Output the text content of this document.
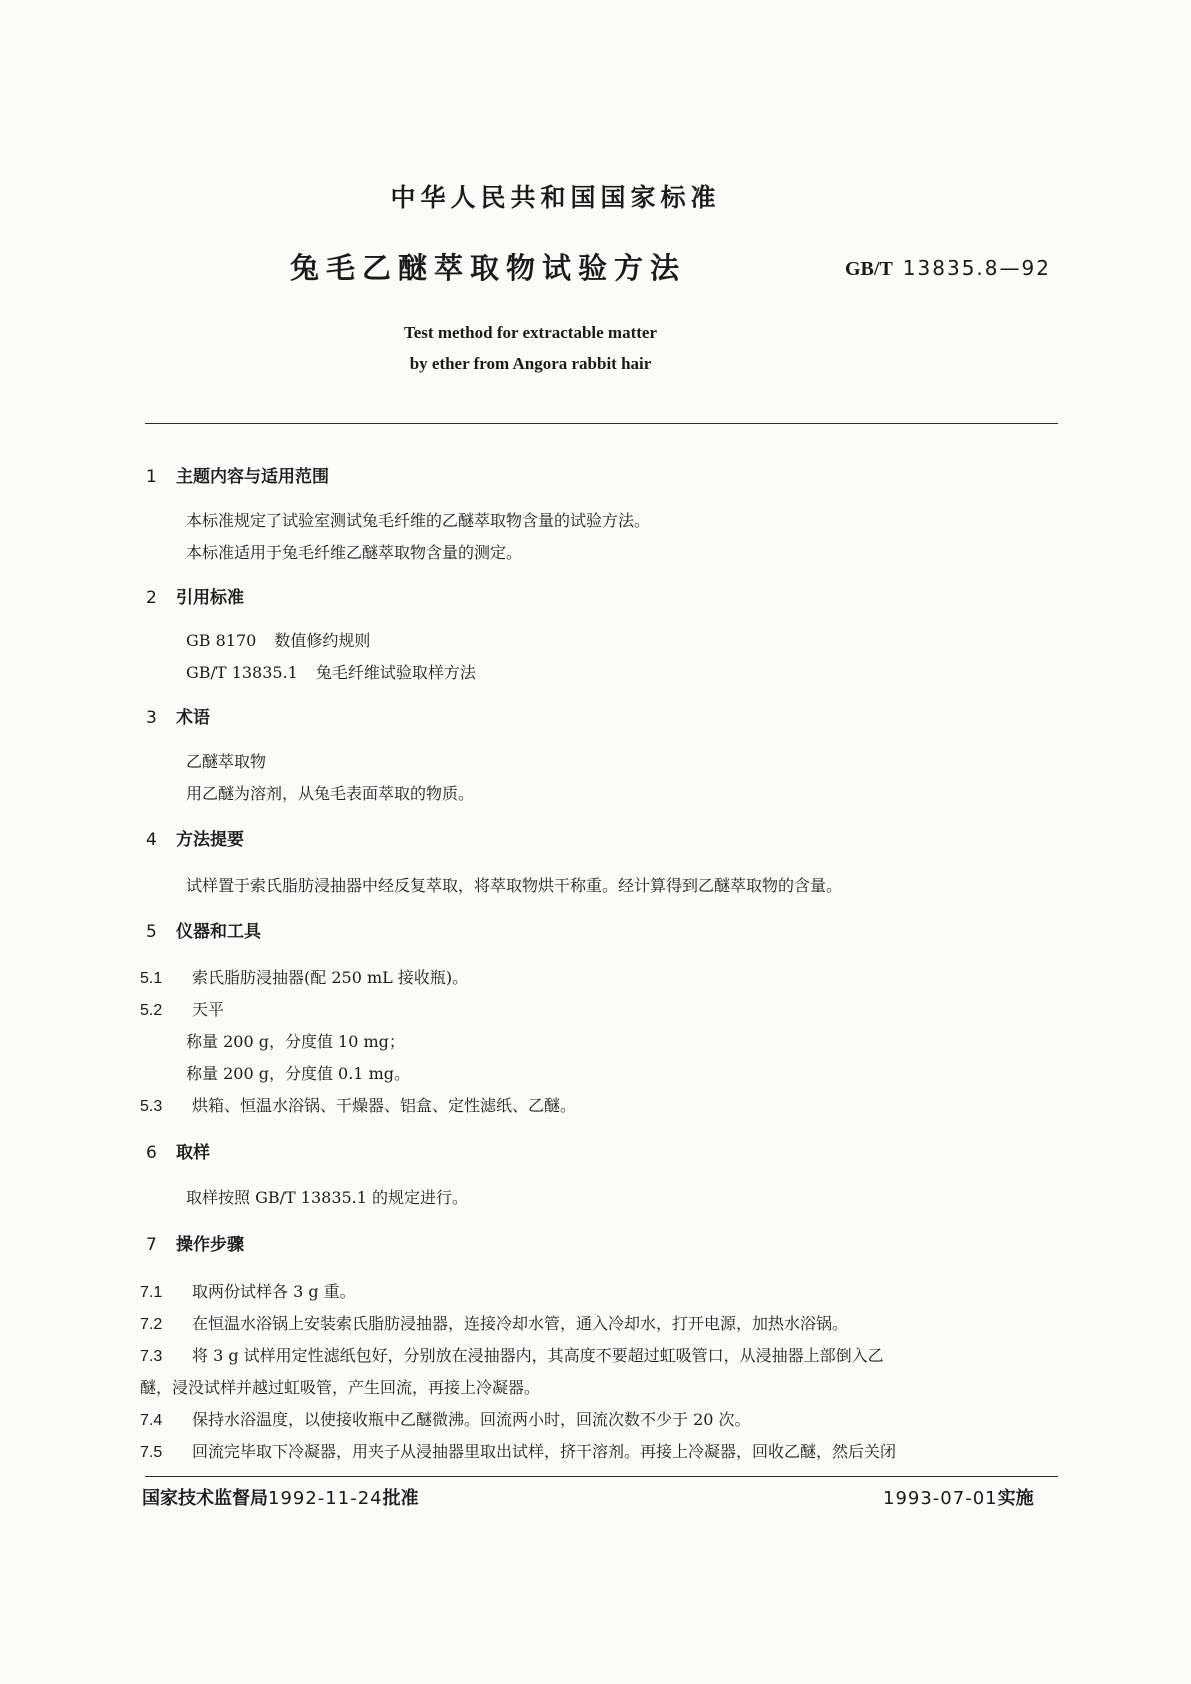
中华人民共和国国家标准
兔毛乙醚萃取物试验方法	GB/T 13835.8—92
Test method for extractable matter
by ether from Angora rabbit hair
1 主题内容与适用范围
本标准规定了试验室测试兔毛纤维的乙醚萃取物含量的试验方法。
本标准适用于兔毛纤维乙醚萃取物含量的测定。
2 引用标准
GB 8170 数值修约规则
GB/T 13835.1 兔毛纤维试验取样方法
3 术语
乙醚萃取物
用乙醚为溶剂，从兔毛表面萃取的物质。
4 方法提要
试样置于索氏脂肪浸抽器中经反复萃取，将萃取物烘干称重。经计算得到乙醚萃取物的含量。
5 仪器和工具
5.1 索氏脂肪浸抽器(配 250 mL 接收瓶)。
5.2 天平
称量 200 g，分度值 10 mg；
称量 200 g，分度值 0.1 mg。
5.3 烘箱、恒温水浴锅、干燥器、铝盒、定性滤纸、乙醚。
6 取样
取样按照 GB/T 13835.1 的规定进行。
7 操作步骤
7.1 取两份试样各 3 g 重。
7.2 在恒温水浴锅上安装索氏脂肪浸抽器，连接冷却水管，通入冷却水，打开电源，加热水浴锅。
7.3 将 3 g 试样用定性滤纸包好，分别放在浸抽器内，其高度不要超过虹吸管口，从浸抽器上部倒入乙
醚，浸没试样并越过虹吸管，产生回流，再接上冷凝器。
7.4 保持水浴温度，以使接收瓶中乙醚微沸。回流两小时，回流次数不少于 20 次。
7.5 回流完毕取下冷凝器，用夹子从浸抽器里取出试样，挤干溶剂。再接上冷凝器，回收乙醚，然后关闭
国家技术监督局1992-11-24批准	1993-07-01实施
